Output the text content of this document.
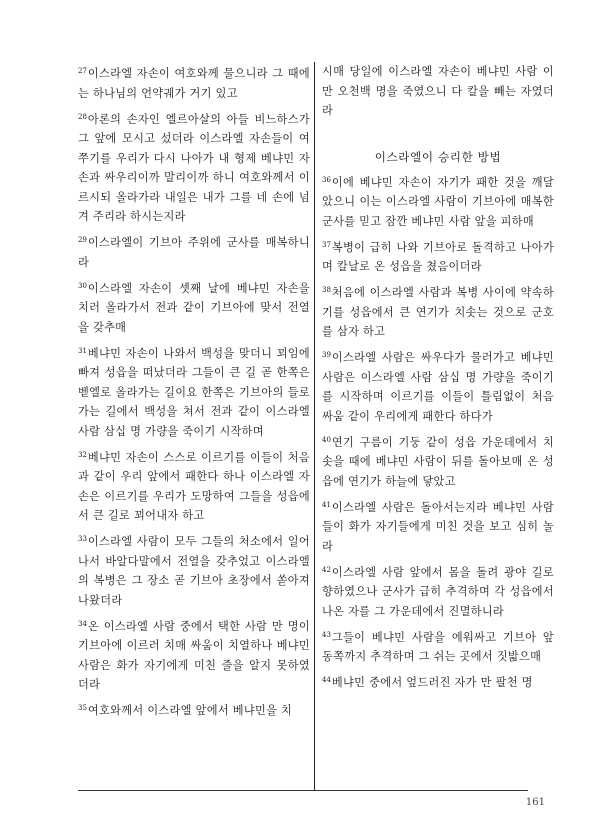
$^{27}$이스라엘 자손이 여호와께 물으니라 그 때에는 하나님의 언약궤가 거기 있고

$^{28}$아론의 손자인 엘르아살의 아들 비느하스가 그 앞에 모시고 섰더라 이스라엘 자손들이 여쭈기를 우리가 다시 나아가 내 형제 베냐민 자손과 싸우리이까 말리이까 하니 여호와께서 이르시되 올라가라 내일은 내가 그를 네 손에 넘겨 주리라 하시는지라

$^{29}$이스라엘이 기브아 주위에 군사를 매복하니라

$^{30}$이스라엘 자손이 셋째 날에 베냐민 자손을 치러 올라가서 전과 같이 기브아에 맞서 전열을 갖추매

$^{31}$베냐민 자손이 나와서 백성을 맞더니 꾀임에 빠져 성읍을 떠났더라 그들이 큰 길 곧 한쪽은 벧엘로 올라가는 길이요 한쪽은 기브아의 들로 가는 길에서 백성을 쳐서 전과 같이 이스라엘 사람 삼십 명 가량을 죽이기 시작하며

$^{32}$베냐민 자손이 스스로 이르기를 이들이 처음과 같이 우리 앞에서 패한다 하나 이스라엘 자손은 이르기를 우리가 도망하여 그들을 성읍에서 큰 길로 꾀어내자 하고

$^{33}$이스라엘 사람이 모두 그들의 처소에서 일어나서 바알다말에서 전열을 갖추었고 이스라엘의 복병은 그 장소 곧 기브아 초장에서 쏟아져 나왔더라

$^{34}$온 이스라엘 사람 중에서 택한 사람 만 명이 기브아에 이르러 치매 싸움이 치열하나 베냐민 사람은 화가 자기에게 미친 줄을 알지 못하였더라

$^{35}$여호와께서 이스라엘 앞에서 베냐민을 치

시매 당일에 이스라엘 자손이 베냐민 사람 이만 오천백 명을 죽였으니 다 칼을 빼는 자였더라

이스라엘이 승리한 방법

$^{36}$이에 베냐민 자손이 자기가 패한 것을 깨달았으니 이는 이스라엘 사람이 기브아에 매복한 군사를 믿고 잠깐 베냐민 사람 앞을 피하매

$^{37}$복병이 급히 나와 기브아로 돌격하고 나아가며 칼날로 온 성읍을 쳤음이더라

$^{38}$처음에 이스라엘 사람과 복병 사이에 약속하기를 성읍에서 큰 연기가 치솟는 것으로 군호를 삼자 하고

$^{39}$이스라엘 사람은 싸우다가 물러가고 베냐민 사람은 이스라엘 사람 삼십 명 가량을 죽이기를 시작하며 이르기를 이들이 틀림없이 처음 싸움 같이 우리에게 패한다 하다가

$^{40}$연기 구름이 기둥 같이 성읍 가운데에서 치솟을 때에 베냐민 사람이 뒤를 돌아보매 온 성읍에 연기가 하늘에 닿았고

$^{41}$이스라엘 사람은 돌아서는지라 베냐민 사람들이 화가 자기들에게 미친 것을 보고 심히 놀라

$^{42}$이스라엘 사람 앞에서 몸을 돌려 광야 길로 향하였으나 군사가 급히 추격하며 각 성읍에서 나온 자를 그 가운데에서 진멸하니라

$^{43}$그들이 베냐민 사람을 에워싸고 기브아 앞 동쪽까지 추격하며 그 쉬는 곳에서 짓밟으매

$^{44}$베냐민 중에서 엎드러진 자가 만 팔천 명

161
